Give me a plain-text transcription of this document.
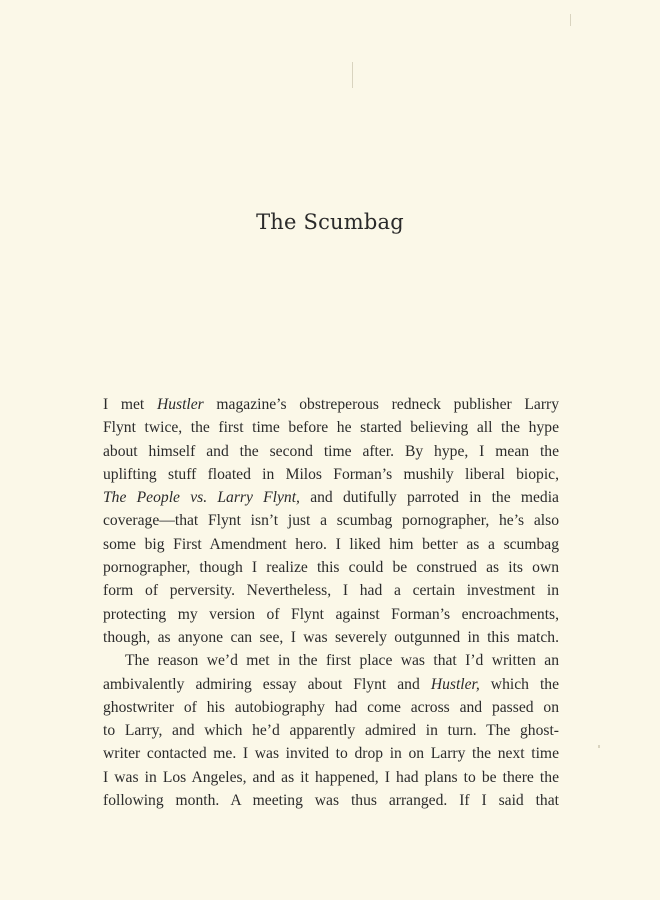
The Scumbag
I met Hustler magazine’s obstreperous redneck publisher Larry
Flynt twice, the first time before he started believing all the hype
about himself and the second time after. By hype, I mean the
uplifting stuff floated in Milos Forman’s mushily liberal biopic,
The People vs. Larry Flynt, and dutifully parroted in the media
coverage—that Flynt isn’t just a scumbag pornographer, he’s also
some big First Amendment hero. I liked him better as a scumbag
pornographer, though I realize this could be construed as its own
form of perversity. Nevertheless, I had a certain investment in
protecting my version of Flynt against Forman’s encroachments,
though, as anyone can see, I was severely outgunned in this match.
The reason we’d met in the first place was that I’d written an
ambivalently admiring essay about Flynt and Hustler, which the
ghostwriter of his autobiography had come across and passed on
to Larry, and which he’d apparently admired in turn. The ghost-
writer contacted me. I was invited to drop in on Larry the next time
I was in Los Angeles, and as it happened, I had plans to be there the
following month. A meeting was thus arranged. If I said that
